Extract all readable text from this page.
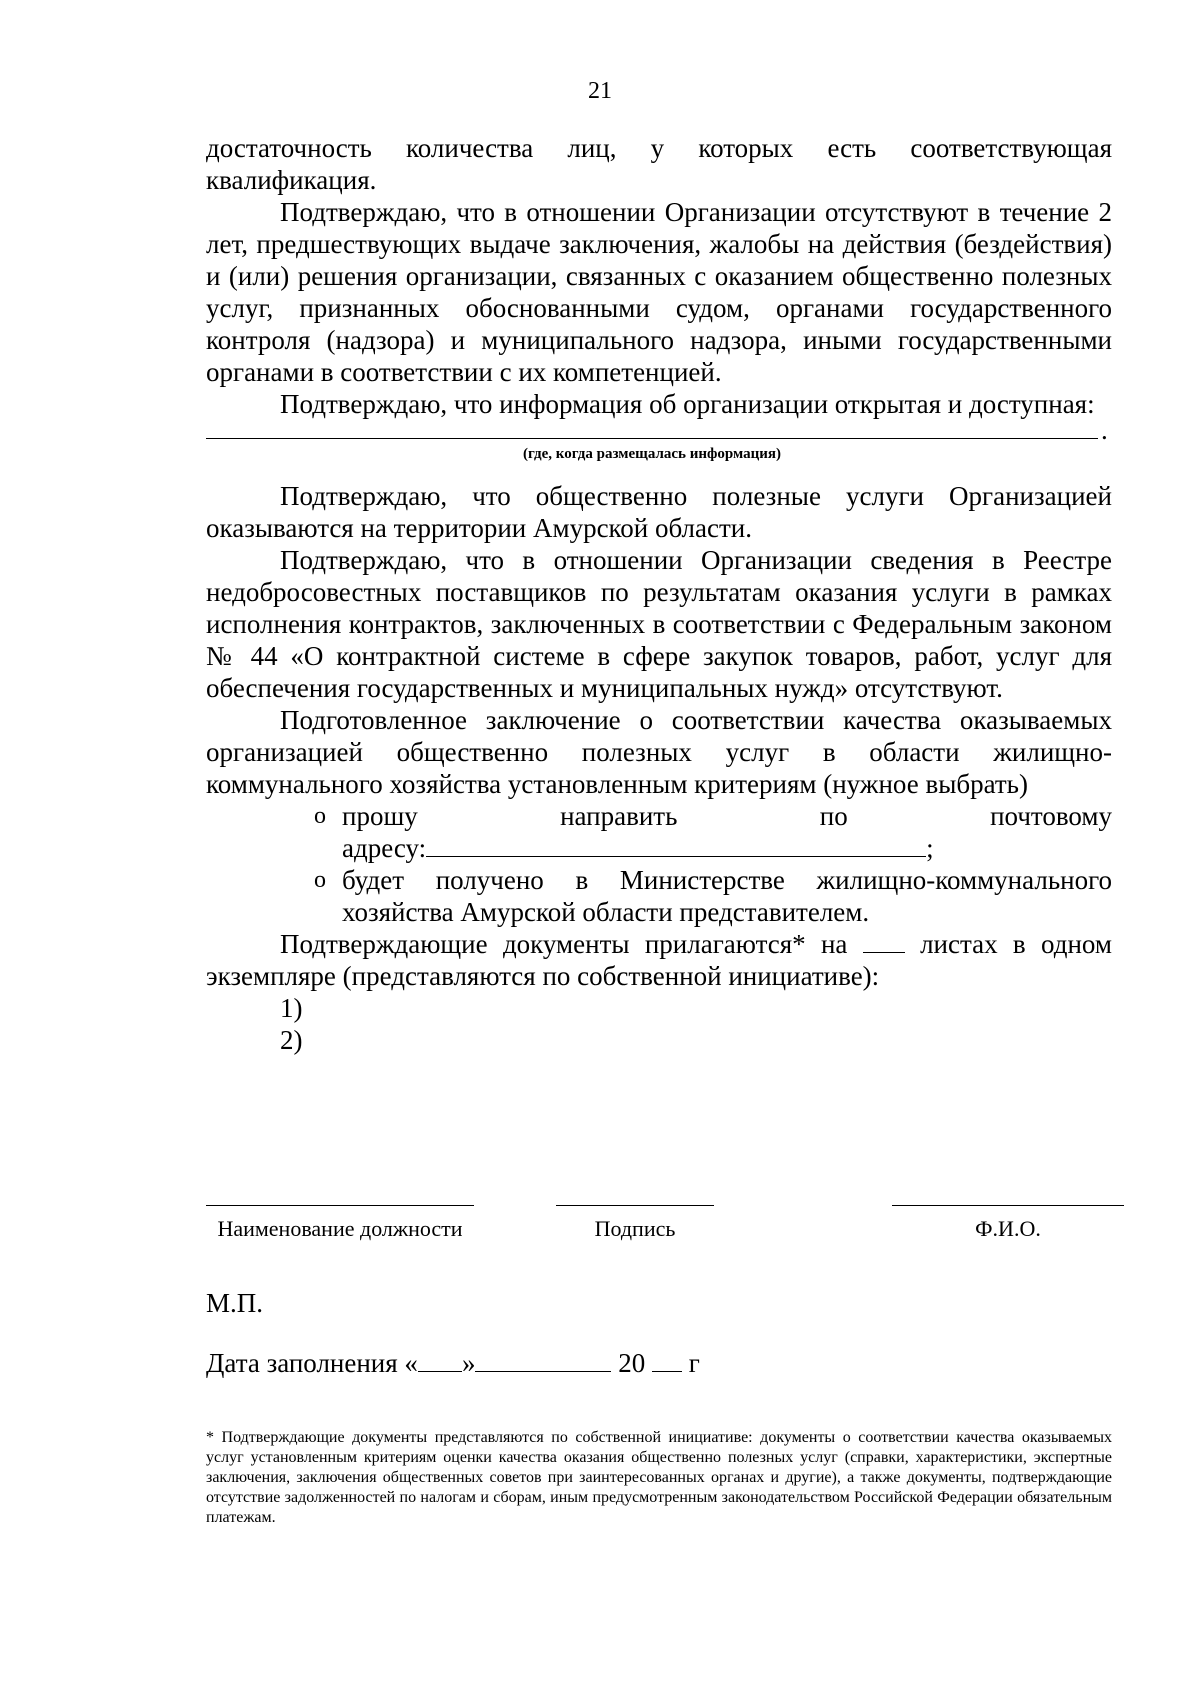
21

достаточность количества лиц, у которых есть соответствующая квалификация.

Подтверждаю, что в отношении Организации отсутствуют в течение 2 лет, предшествующих выдаче заключения, жалобы на действия (бездействия) и (или) решения организации, связанных с оказанием общественно полезных услуг, признанных обоснованными судом, органами государственного контроля (надзора) и муниципального надзора, иными государственными органами в соответствии с их компетенцией.

Подтверждаю, что информация об организации открытая и доступная:

.
(где, когда размещалась информация)

Подтверждаю, что общественно полезные услуги Организацией оказываются на территории Амурской области.

Подтверждаю, что в отношении Организации сведения в Реестре недобросовестных поставщиков по результатам оказания услуги в рамках исполнения контрактов, заключенных в соответствии с Федеральным законом № 44 «О контрактной системе в сфере закупок товаров, работ, услуг для обеспечения государственных и муниципальных нужд» отсутствуют.

Подготовленное заключение о соответствии качества оказываемых организацией общественно полезных услуг в области жилищно-коммунального хозяйства установленным критериям (нужное выбрать)

о прошу	направить	по	почтовому
адресу:	;
о будет получено в Министерстве жилищно-коммунального хозяйства Амурской области представителем.

Подтверждающие документы прилагаются* на	листах в одном экземпляре (представляются по собственной инициативе):

1)
2)
Наименование должности	Подпись	Ф.И.О.
М.П.
Дата заполнения « »	20 г
* Подтверждающие документы представляются по собственной инициативе: документы о соответствии качества оказываемых услуг установленным критериям оценки качества оказания общественно полезных услуг (справки, характеристики, экспертные заключения, заключения общественных советов при заинтересованных органах и другие), а также документы, подтверждающие отсутствие задолженностей по налогам и сборам, иным предусмотренным законодательством Российской Федерации обязательным платежам.
